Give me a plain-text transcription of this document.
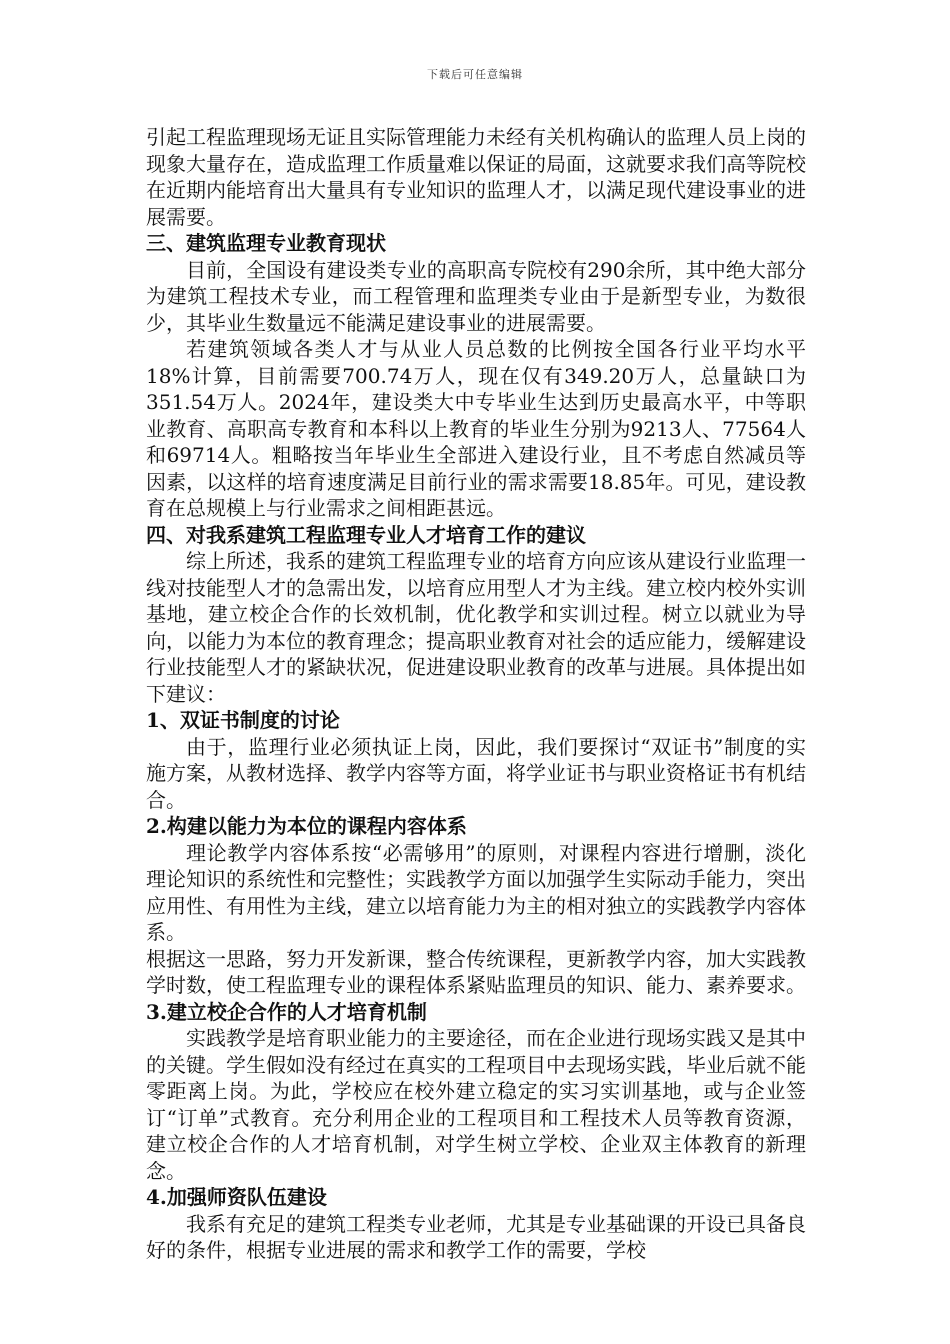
下载后可任意编辑

引起工程监理现场无证且实际管理能力未经有关机构确认的监理人员上岗的现象大量存在，造成监理工作质量难以保证的局面，这就要求我们高等院校在近期内能培育出大量具有专业知识的监理人才，以满足现代建设事业的进展需要。

三、建筑监理专业教育现状

目前，全国设有建设类专业的高职高专院校有290余所，其中绝大部分为建筑工程技术专业，而工程管理和监理类专业由于是新型专业，为数很少，其毕业生数量远不能满足建设事业的进展需要。

若建筑领域各类人才与从业人员总数的比例按全国各行业平均水平18%计算，目前需要700.74万人，现在仅有349.20万人，总量缺口为351.54万人。2024年，建设类大中专毕业生达到历史最高水平，中等职业教育、高职高专教育和本科以上教育的毕业生分别为9213人、77564人和69714人。粗略按当年毕业生全部进入建设行业，且不考虑自然减员等因素，以这样的培育速度满足目前行业的需求需要18.85年。可见，建设教育在总规模上与行业需求之间相距甚远。

四、对我系建筑工程监理专业人才培育工作的建议

综上所述，我系的建筑工程监理专业的培育方向应该从建设行业监理一线对技能型人才的急需出发，以培育应用型人才为主线。建立校内校外实训基地，建立校企合作的长效机制，优化教学和实训过程。树立以就业为导向，以能力为本位的教育理念；提高职业教育对社会的适应能力，缓解建设行业技能型人才的紧缺状况，促进建设职业教育的改革与进展。具体提出如下建议：

1、双证书制度的讨论

由于，监理行业必须执证上岗，因此，我们要探讨“双证书”制度的实施方案，从教材选择、教学内容等方面，将学业证书与职业资格证书有机结合。

2.构建以能力为本位的课程内容体系

理论教学内容体系按“必需够用”的原则，对课程内容进行增删，淡化理论知识的系统性和完整性；实践教学方面以加强学生实际动手能力，突出应用性、有用性为主线，建立以培育能力为主的相对独立的实践教学内容体系。

根据这一思路，努力开发新课，整合传统课程，更新教学内容，加大实践教学时数，使工程监理专业的课程体系紧贴监理员的知识、能力、素养要求。

3.建立校企合作的人才培育机制

实践教学是培育职业能力的主要途径，而在企业进行现场实践又是其中的关键。学生假如没有经过在真实的工程项目中去现场实践，毕业后就不能零距离上岗。为此，学校应在校外建立稳定的实习实训基地，或与企业签订“订单”式教育。充分利用企业的工程项目和工程技术人员等教育资源，建立校企合作的人才培育机制，对学生树立学校、企业双主体教育的新理念。

4.加强师资队伍建设

我系有充足的建筑工程类专业老师，尤其是专业基础课的开设已具备良好的条件，根据专业进展的需求和教学工作的需要，学校
